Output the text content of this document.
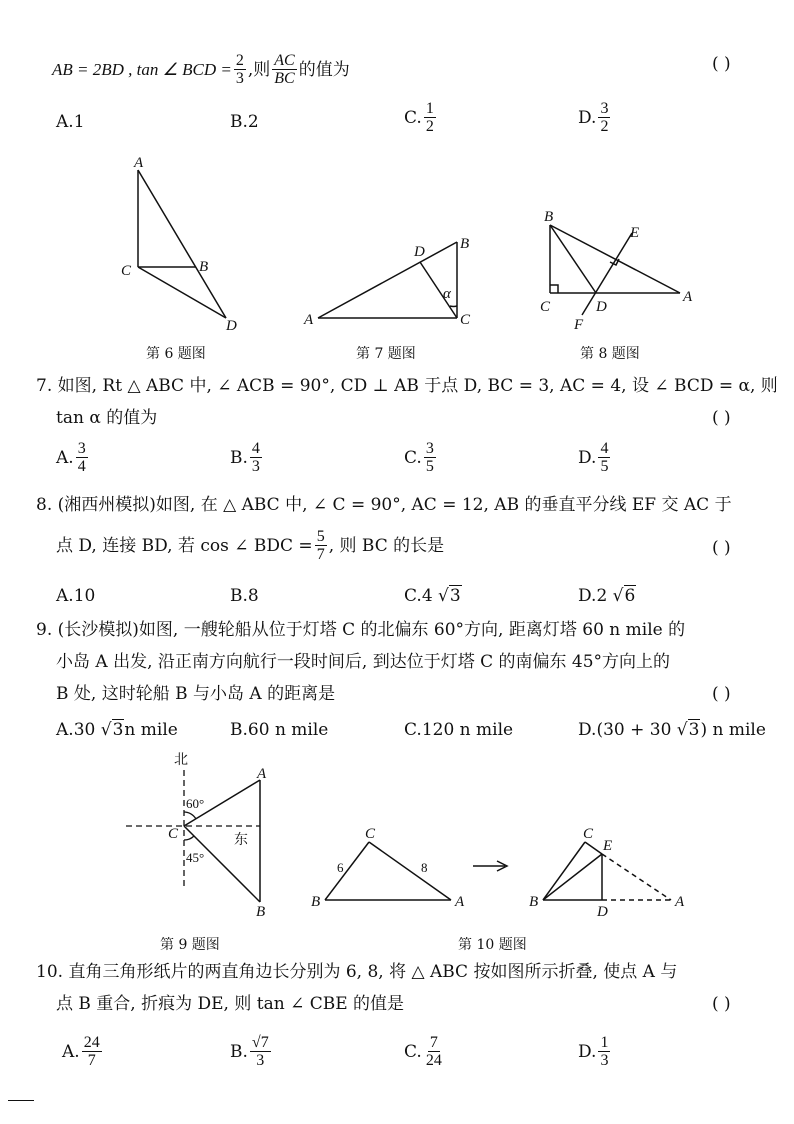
AB = 2BD , tan ∠ BCD = $\frac{2}{3}$ ,则 $\frac{AC}{BC}$ 的值为	( )
A. 1	B. 2	C. $\frac{1}{2}$	D. $\frac{3}{2}$
A
B
C
D
第 6 题图
A
B
C
D
α
第 7 题图
B
C	D
A
E
F
第 8 题图
7. 如图, Rt △ ABC 中, ∠ ACB = 90°, CD ⊥ AB 于点 D, BC = 3, AC = 4, 设 ∠ BCD = α, 则
tan α 的值为	( )
A. $\frac{3}{4}$	B. $\frac{4}{3}$	C. $\frac{3}{5}$	D. $\frac{4}{5}$
8. (湘西州模拟)如图, 在 △ ABC 中, ∠ C = 90°, AC = 12, AB 的垂直平分线 EF 交 AC 于
点 D, 连接 BD, 若 cos ∠ BDC = $\frac{5}{7}$ , 则 BC 的长是	( )
A. 10	B. 8	C. 4
√3	D. 2
√6
9. (长沙模拟)如图, 一艘轮船从位于灯塔 C 的北偏东 60°方向, 距离灯塔 60 n mile 的
小岛 A 出发, 沿正南方向航行一段时间后, 到达位于灯塔 C 的南偏东 45°方向上的
B 处, 这时轮船 B 与小岛 A 的距离是	( )
A. 30
√3 n mile	B. 60 n mile	C. 120 n mile	D. (30 + 30
√3 ) n mile
北
东
60°
45°
A
B
C
第 9 题图
C
B	A
6	8
C
E
B
D
A
第 10 题图
10. 直角三角形纸片的两直角边长分别为 6, 8, 将 △ ABC 按如图所示折叠, 使点 A 与
点 B 重合, 折痕为 DE, 则 tan ∠ CBE 的值是	( )
A. $\frac{24}{7}$	B. $\frac{√7}{3}$	C. $\frac{7}{24}$	D. $\frac{1}{3}$
